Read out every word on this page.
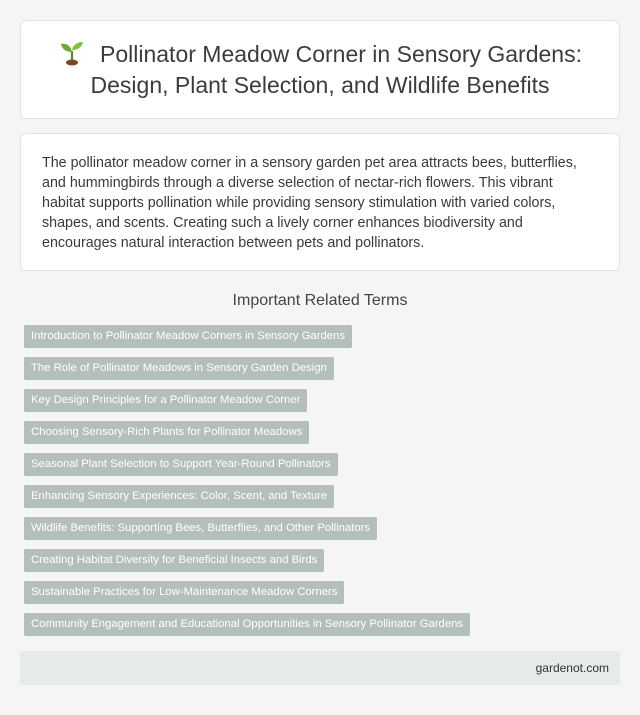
Pollinator Meadow Corner in Sensory Gardens: Design, Plant Selection, and Wildlife Benefits

The pollinator meadow corner in a sensory garden pet area attracts bees, butterflies, and hummingbirds through a diverse selection of nectar-rich flowers. This vibrant habitat supports pollination while providing sensory stimulation with varied colors, shapes, and scents. Creating such a lively corner enhances biodiversity and encourages natural interaction between pets and pollinators.

Important Related Terms
Introduction to Pollinator Meadow Corners in Sensory Gardens
The Role of Pollinator Meadows in Sensory Garden Design
Key Design Principles for a Pollinator Meadow Corner
Choosing Sensory-Rich Plants for Pollinator Meadows
Seasonal Plant Selection to Support Year-Round Pollinators
Enhancing Sensory Experiences: Color, Scent, and Texture
Wildlife Benefits: Supporting Bees, Butterflies, and Other Pollinators
Creating Habitat Diversity for Beneficial Insects and Birds
Sustainable Practices for Low-Maintenance Meadow Corners
Community Engagement and Educational Opportunities in Sensory Pollinator Gardens
gardenot.com
